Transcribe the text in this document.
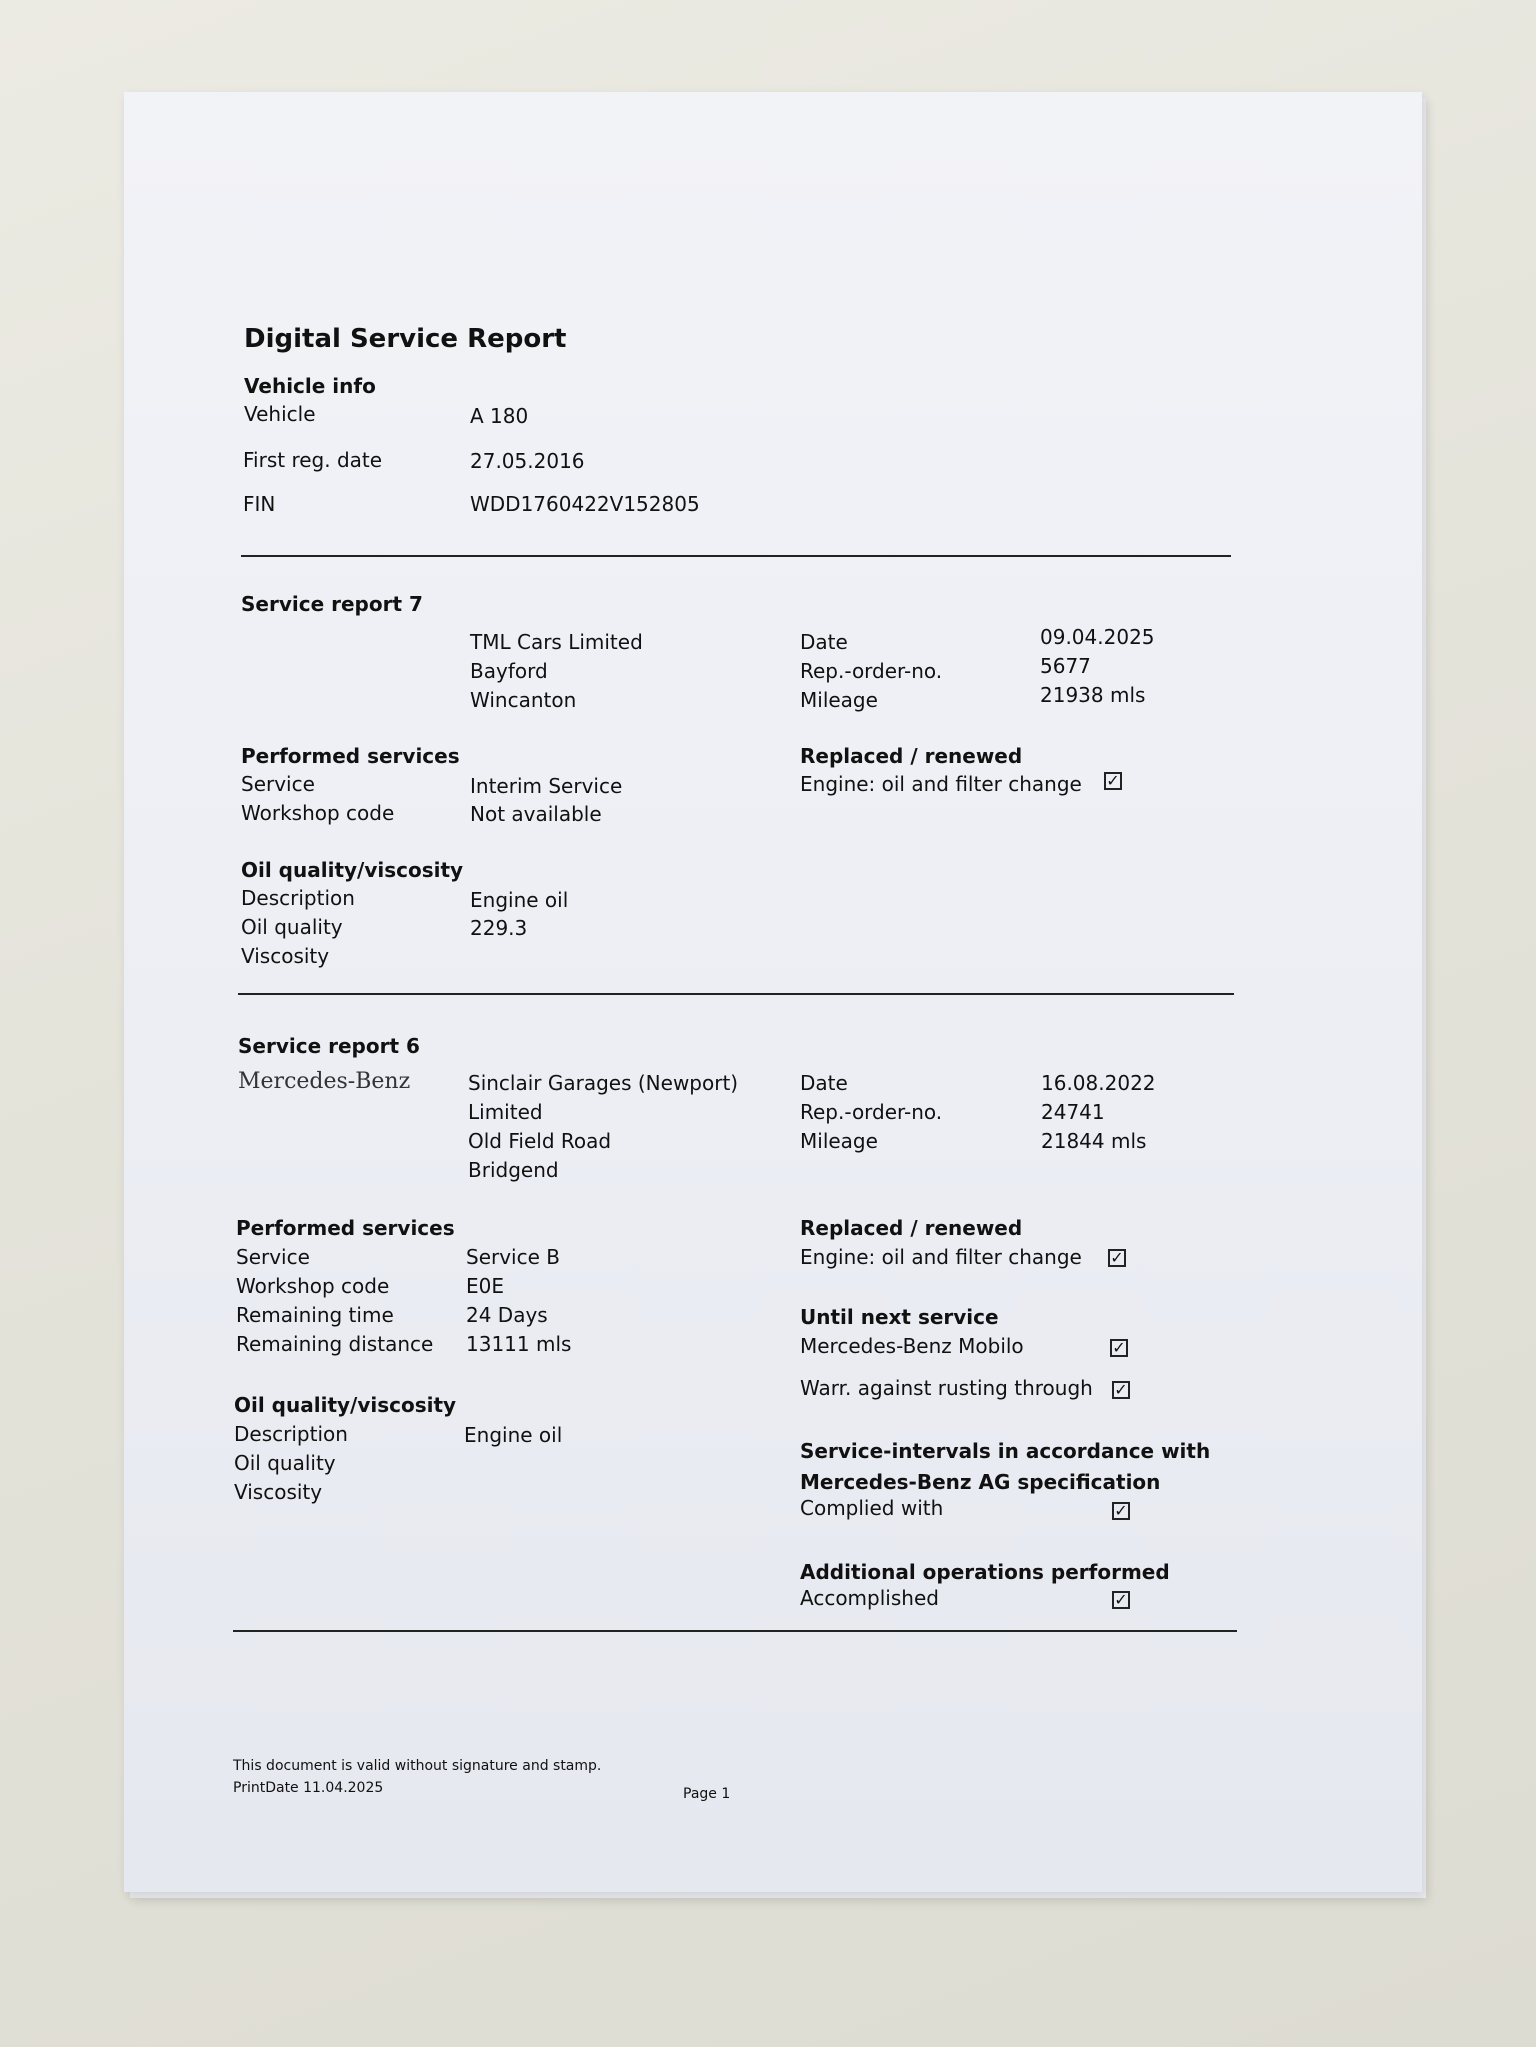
Digital Service Report
Vehicle info
Vehicle	A 180
First reg. date	27.05.2016
FIN	WDD1760422V152805
Service report 7
TML Cars Limited
Bayford
Wincanton
Date	09.04.2025
Rep.-order-no.	5677
Mileage	21938 mls
Performed services
Service	Interim Service
Workshop code	Not available
Replaced / renewed
Engine: oil and filter change ✓
Oil quality/viscosity
Description	Engine oil
Oil quality	229.3
Viscosity
Service report 6
Mercedes-Benz	Sinclair Garages (Newport)
Limited
Old Field Road
Bridgend
Date	16.08.2022
Rep.-order-no.	24741
Mileage	21844 mls
Performed services
Service	Service B
Workshop code	E0E
Remaining time	24 Days
Remaining distance 13111 mls
Replaced / renewed
Engine: oil and filter change ✓
Until next service
Mercedes-Benz Mobilo	✓
Warr. against rusting through ✓
Service-intervals in accordance with
Mercedes-Benz AG specification
Complied with	✓
Additional operations performed
Accomplished	✓
Oil quality/viscosity
Description	Engine oil
Oil quality
Viscosity
This document is valid without signature and stamp.
PrintDate 11.04.2025	Page 1
